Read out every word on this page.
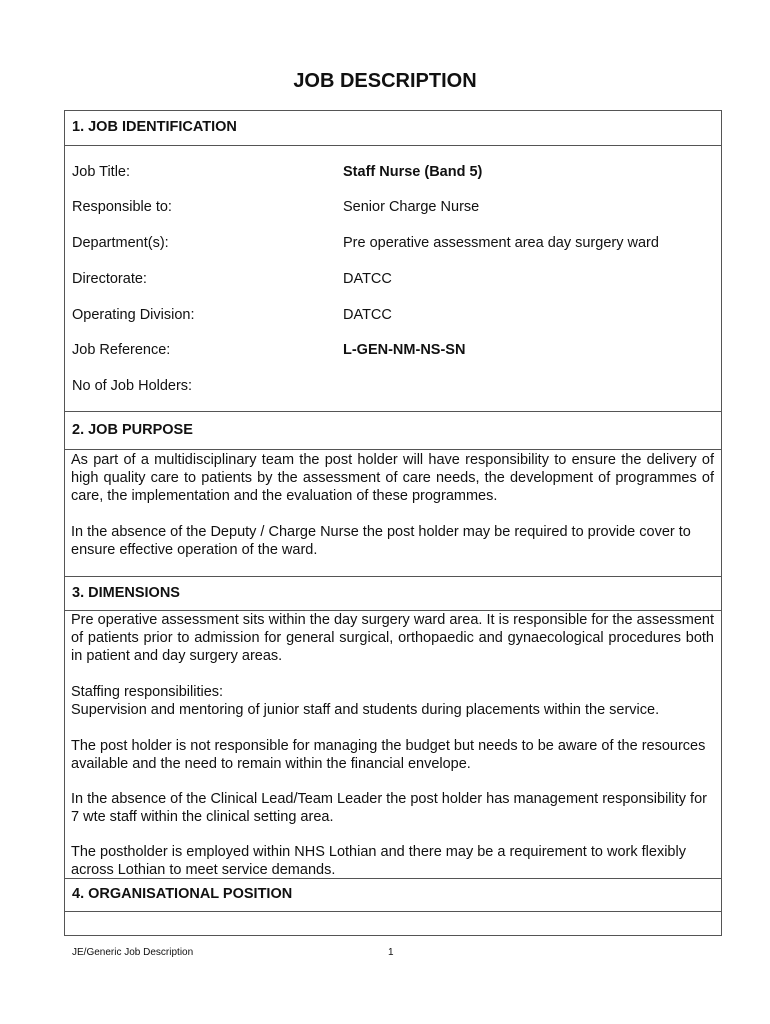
JOB DESCRIPTION
1. JOB IDENTIFICATION
Job Title:	Staff Nurse (Band 5)
Responsible to:	Senior Charge Nurse
Department(s):	Pre operative assessment area day surgery ward
Directorate:	DATCC
Operating Division:	DATCC
Job Reference:	L-GEN-NM-NS-SN
No of Job Holders:
2. JOB PURPOSE
As part of a multidisciplinary team the post holder will have responsibility to ensure the delivery of high quality care to patients by the assessment of care needs, the development of programmes of care, the implementation and the evaluation of these programmes.
In the absence of the Deputy / Charge Nurse the post holder may be required to provide cover to ensure effective operation of the ward.
3. DIMENSIONS
Pre operative assessment sits within the day surgery ward area. It is responsible for the assessment of patients prior to admission for general surgical, orthopaedic and gynaecological procedures both in patient and day surgery areas.
Staffing responsibilities:
Supervision and mentoring of junior staff and students during placements within the service.
The post holder is not responsible for managing the budget but needs to be aware of the resources available and the need to remain within the financial envelope.
In the absence of the Clinical Lead/Team Leader the post holder has management responsibility for 7 wte staff within the clinical setting area.
The postholder is employed within NHS Lothian and there may be a requirement to work flexibly across Lothian to meet service demands.
4. ORGANISATIONAL POSITION
JE/Generic Job Description	1
